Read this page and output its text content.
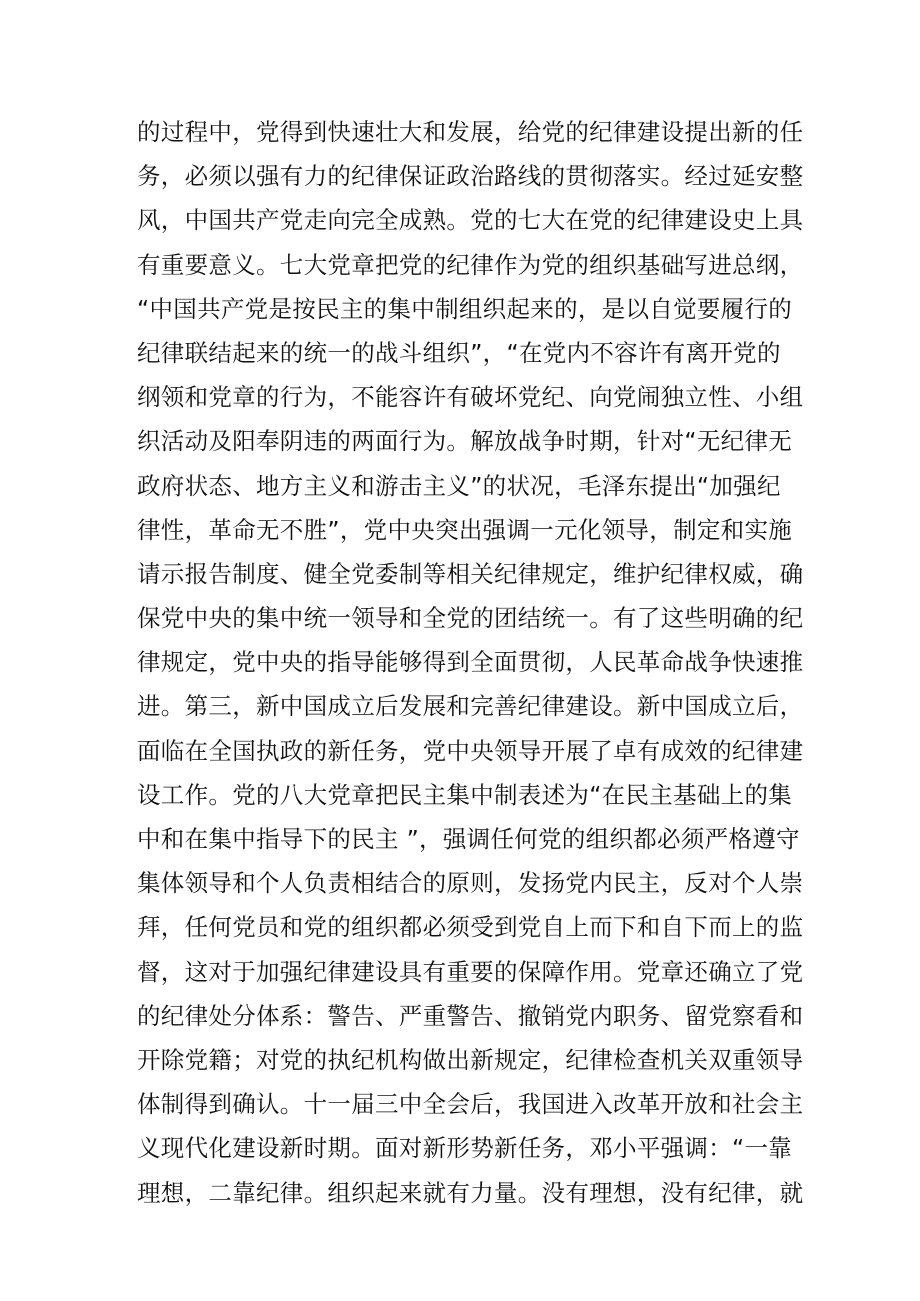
的过程中，党得到快速壮大和发展，给党的纪律建设提出新的任
务，必须以强有力的纪律保证政治路线的贯彻落实。经过延安整
风，中国共产党走向完全成熟。党的七大在党的纪律建设史上具
有重要意义。七大党章把党的纪律作为党的组织基础写进总纲，
“中国共产党是按民主的集中制组织起来的，是以自觉要履行的
纪律联结起来的统一的战斗组织”，“在党内不容许有离开党的
纲领和党章的行为，不能容许有破坏党纪、向党闹独立性、小组
织活动及阳奉阴违的两面行为。解放战争时期，针对“无纪律无
政府状态、地方主义和游击主义”的状况，毛泽东提出“加强纪
律性，革命无不胜”，党中央突出强调一元化领导，制定和实施
请示报告制度、健全党委制等相关纪律规定，维护纪律权威，确
保党中央的集中统一领导和全党的团结统一。有了这些明确的纪
律规定，党中央的指导能够得到全面贯彻，人民革命战争快速推
进。第三，新中国成立后发展和完善纪律建设。新中国成立后，
面临在全国执政的新任务，党中央领导开展了卓有成效的纪律建
设工作。党的八大党章把民主集中制表述为“在民主基础上的集
中和在集中指导下的民主 ”，强调任何党的组织都必须严格遵守
集体领导和个人负责相结合的原则，发扬党内民主，反对个人崇
拜，任何党员和党的组织都必须受到党自上而下和自下而上的监
督，这对于加强纪律建设具有重要的保障作用。党章还确立了党
的纪律处分体系：警告、严重警告、撤销党内职务、留党察看和
开除党籍；对党的执纪机构做出新规定，纪律检查机关双重领导
体制得到确认。十一届三中全会后，我国进入改革开放和社会主
义现代化建设新时期。面对新形势新任务，邓小平强调：“一靠
理想，二靠纪律。组织起来就有力量。没有理想，没有纪律，就
